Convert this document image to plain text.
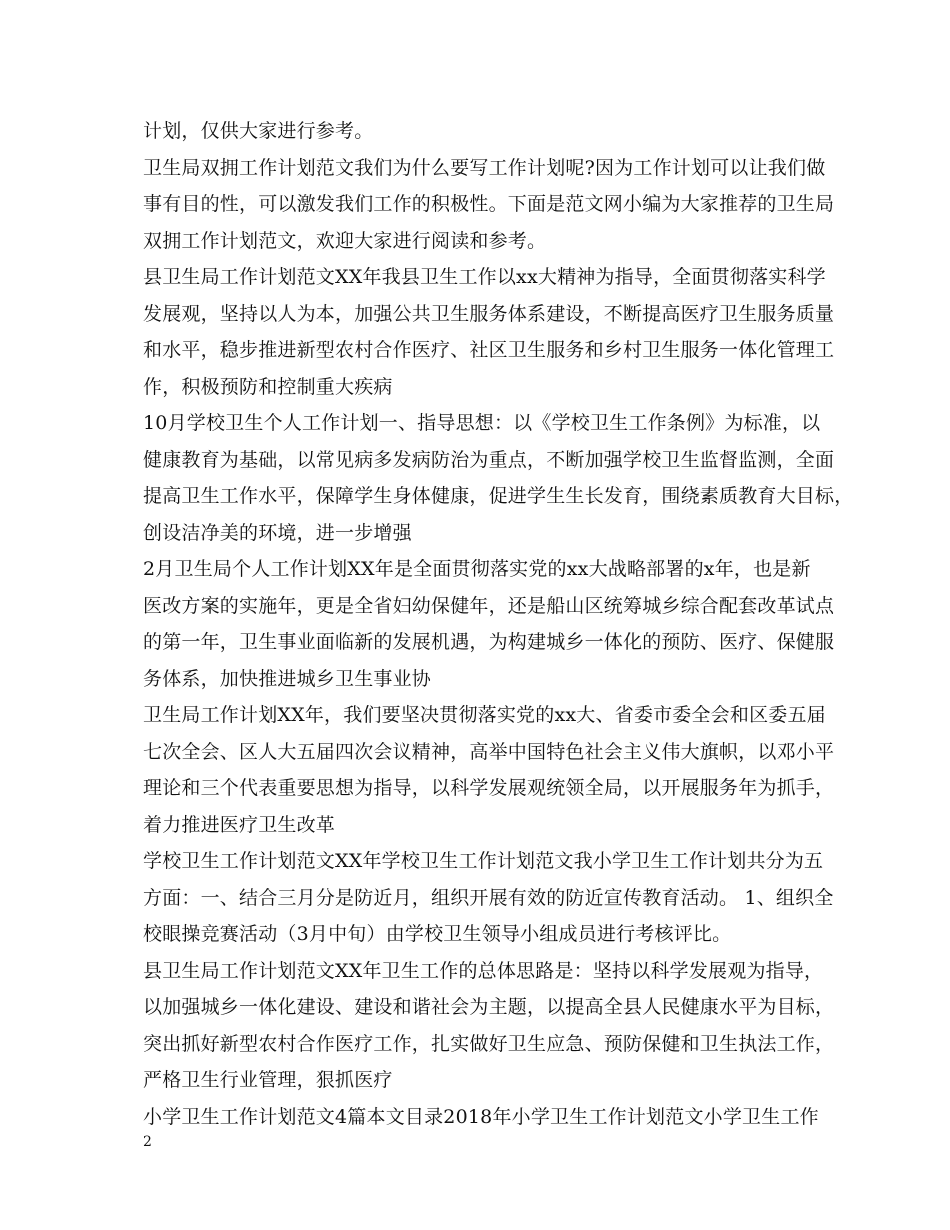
计划，仅供大家进行参考。
卫生局双拥工作计划范文我们为什么要写工作计划呢?因为工作计划可以让我们做
事有目的性，可以激发我们工作的积极性。下面是范文网小编为大家推荐的卫生局
双拥工作计划范文，欢迎大家进行阅读和参考。
县卫生局工作计划范文XX年我县卫生工作以xx大精神为指导，全面贯彻落实科学
发展观，坚持以人为本，加强公共卫生服务体系建设，不断提高医疗卫生服务质量
和水平，稳步推进新型农村合作医疗、社区卫生服务和乡村卫生服务一体化管理工
作，积极预防和控制重大疾病
10月学校卫生个人工作计划一、指导思想：以《学校卫生工作条例》为标准，以
健康教育为基础，以常见病多发病防治为重点，不断加强学校卫生监督监测，全面
提高卫生工作水平，保障学生身体健康，促进学生生长发育，围绕素质教育大目标，
创设洁净美的环境，进一步增强
2月卫生局个人工作计划XX年是全面贯彻落实党的xx大战略部署的x年，也是新
医改方案的实施年，更是全省妇幼保健年，还是船山区统筹城乡综合配套改革试点
的第一年，卫生事业面临新的发展机遇，为构建城乡一体化的预防、医疗、保健服
务体系，加快推进城乡卫生事业协
卫生局工作计划XX年，我们要坚决贯彻落实党的xx大、省委市委全会和区委五届
七次全会、区人大五届四次会议精神，高举中国特色社会主义伟大旗帜，以邓小平
理论和三个代表重要思想为指导，以科学发展观统领全局，以开展服务年为抓手，
着力推进医疗卫生改革
学校卫生工作计划范文XX年学校卫生工作计划范文我小学卫生工作计划共分为五
方面：一、结合三月分是防近月，组织开展有效的防近宣传教育活动。 1、组织全
校眼操竞赛活动（3月中旬）由学校卫生领导小组成员进行考核评比。
县卫生局工作计划范文XX年卫生工作的总体思路是：坚持以科学发展观为指导，
以加强城乡一体化建设、建设和谐社会为主题，以提高全县人民健康水平为目标，
突出抓好新型农村合作医疗工作，扎实做好卫生应急、预防保健和卫生执法工作，
严格卫生行业管理，狠抓医疗
小学卫生工作计划范文4篇本文目录2018年小学卫生工作计划范文小学卫生工作
2
